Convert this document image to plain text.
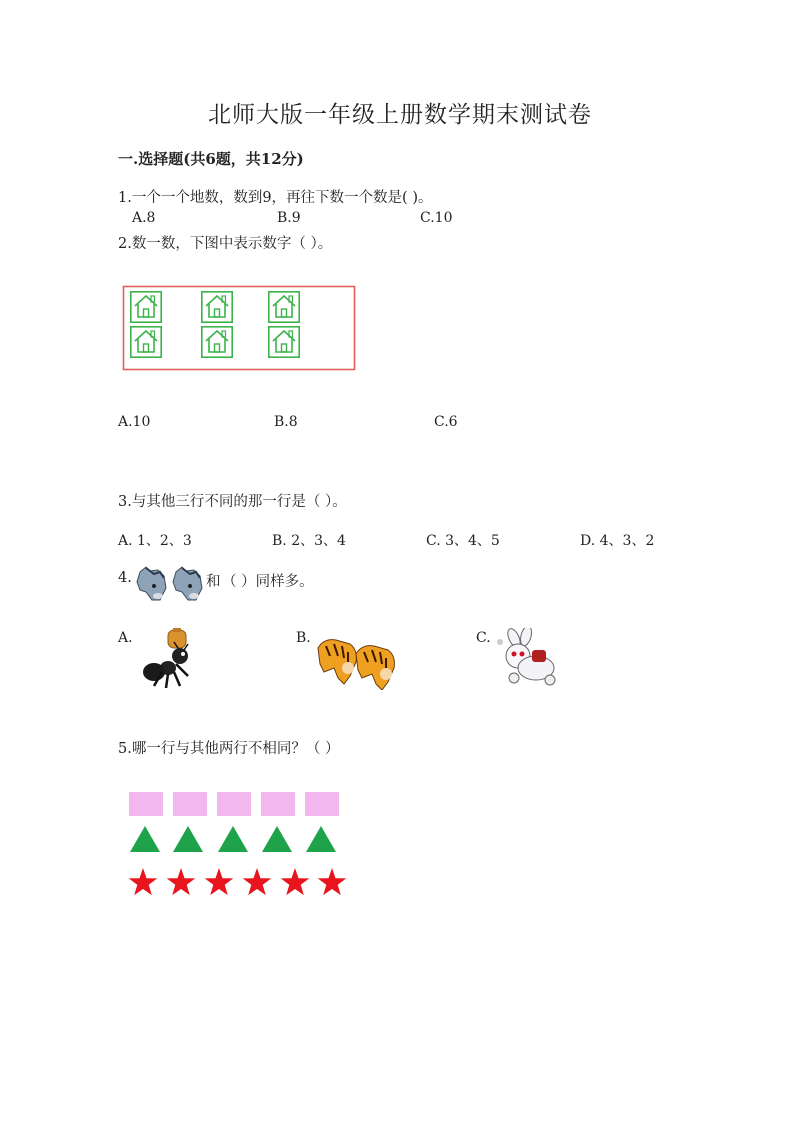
北师大版一年级上册数学期末测试卷
一.选择题(共6题，共12分)
1.一个一个地数，数到9，再往下数一个数是( )。
A.8	B.9	C.10
2.数一数，下图中表示数字（ ）。
A.10	B.8	C.6
3.与其他三行不同的那一行是（ ）。
A. 1、2、3	B. 2、3、4	C. 3、4、5	D. 4、3、2
4.	和 （ ）同样多。
A.	B.	C.
5.哪一行与其他两行不相同？（ ）
